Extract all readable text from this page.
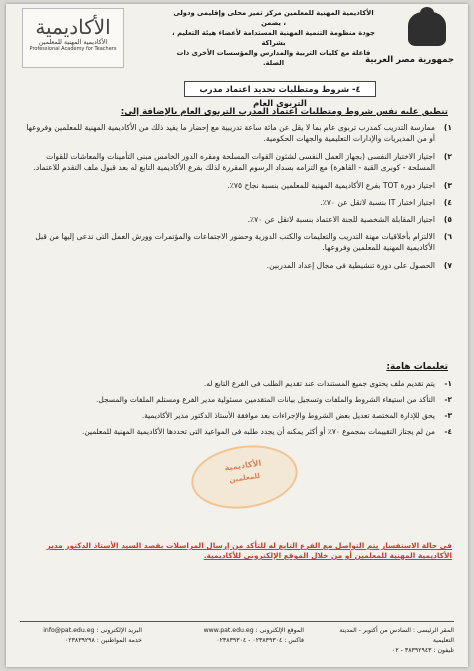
جمهورية مصر العربية
الأكاديمية المهنية للمعلمين مركز تميز محلى وإقليمى ودولى ، يضمن
جودة منظومة التنمية المهنية المستدامة لأعضاء هيئة التعليم ، بشراكة
فاعلة مع كليات التربية والمدارس والمؤسسات الأخرى ذات الصلة.
الأكاديمية
الأكاديمية المهنية للمعلمين
Professional Academy for Teachers
٤- شروط ومتطلبات تجديد اعتماد مدرب التربوى العام
تنطبق عليه نفس شروط ومتطلبات اعتماد المدرب التربوى العام بالإضافة إلى:
١)
ممارسة التدريب كمدرب تربوى عام بما لا يقل عن مائة ساعة تدريبية مع إحضار ما يفيد ذلك من الأكاديمية المهنية للمعلمين وفروعها أو من المديريات والإدارات التعليمية والجهات الحكومية.
٢)
اجتياز الاختبار النفسى (بجهاز العمل النفسى لشئون القوات المسلحة ومقره الدور الخامس مبنى التأمينات والمعاشات للقوات المسلحة - كوبرى القبة - القاهرة) مع التزامه بسداد الرسوم المقررة لذلك بفرع الأكاديمية التابع له بعد قبول ملف التقدم للاعتماد.
٣)
اجتياز دورة TOT بفرع الأكاديمية المهنية للمعلمين بنسبة نجاح ٧٥٪.
٤)
اجتياز اختبار IT بنسبة لاتقل عن ٧٠٪.
٥)
اجتياز المقابلة الشخصية للجنة الاعتماد بنسبة لاتقل عن ٧٠٪.
٦)
الالتزام بأخلاقيات مهنة التدريب والتعليمات والكتب الدورية وحضور الاجتماعات والمؤتمرات وورش العمل التى تدعى إليها من قبل الأكاديمية المهنية للمعلمين وفروعها.
٧)
الحصول على دورة تنشيطية فى مجال إعداد المدربين.
تعليمات هامة:
١-
يتم تقديم ملف يحتوى جميع المستندات عند تقديم الطلب فى الفرع التابع له.
٢-
التأكد من استيفاء الشروط والملفات وتسجيل بيانات المتقدمين مسئولية مدير الفرع ومستلم الملفات والمسجل.
٣-
يحق للإدارة المختصة تعديل بعض الشروط والإجراءات بعد موافقة الأستاذ الدكتور مدير الأكاديمية.
٤-
من لم يجتاز التقييمات بمجموع ٧٠٪ أو أكثر يمكنه أن يجدد طلبه فى المواعيد التى تحددها الأكاديمية المهنية للمعلمين.
الأكاديمية
للمعلمين
فى حالة الاستفسار يتم التواصل مع الفرع التابع له للتأكد من إرسال المراسلات بقصد السيد الأستاذ الدكتور مدير الأكاديمية المهنية للمعلمين أو من خلال الموقع الإلكترونى للأكاديمية.
المقر الرئيسى : السادس من أكتوبر - المدينة التعليمية
تليفون : ٣٨٣٩٢٩٤٣ - ٠٢
الموقع الإلكترونى : www.pat.edu.eg
فاكس : ٠٢٣٨٣٩٣٠٤ - ٠٢٣٨٣٩٣٠٤
البريد الإلكترونى : info@pat.edu.eg
خدمة المواطنين : ٠٢٣٨٣٩٢٩٨
